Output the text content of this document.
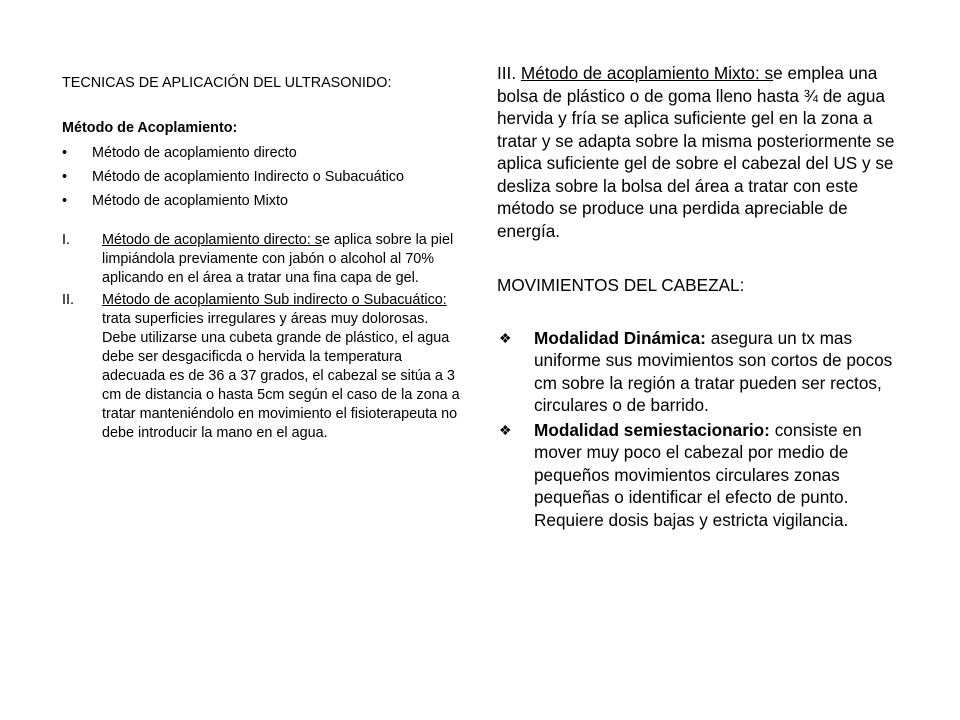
TECNICAS DE APLICACIÓN DEL ULTRASONIDO:

Método de Acoplamiento:

• Método de acoplamiento directo
• Método de acoplamiento Indirecto o Subacuático
• Método de acoplamiento Mixto
I. Método de acoplamiento directo: se aplica sobre la piel limpiándola previamente con jabón o alcohol al 70% aplicando en el área a tratar una fina capa de gel.
II. Método de acoplamiento Sub indirecto o Subacuático: trata superficies irregulares y áreas muy dolorosas. Debe utilizarse una cubeta grande de plástico, el agua debe ser desgacificda o hervida la temperatura adecuada es de 36 a 37 grados, el cabezal se sitúa a 3 cm de distancia o hasta 5cm según el caso de la zona a tratar manteniéndolo en movimiento el fisioterapeuta no debe introducir la mano en el agua.

III. Método de acoplamiento Mixto: se emplea una bolsa de plástico o de goma lleno hasta ¾ de agua hervida y fría se aplica suficiente gel en la zona a tratar y se adapta sobre la misma posteriormente se aplica suficiente gel de sobre el cabezal del US y se desliza sobre la bolsa del área a tratar con este método se produce una perdida apreciable de energía.

MOVIMIENTOS DEL CABEZAL:

❖ Modalidad Dinámica: asegura un tx mas uniforme sus movimientos son cortos de pocos cm sobre la región a tratar pueden ser rectos, circulares o de barrido.
❖ Modalidad semiestacionario: consiste en mover muy poco el cabezal por medio de pequeños movimientos circulares zonas pequeñas o identificar el efecto de punto. Requiere dosis bajas y estricta vigilancia.
